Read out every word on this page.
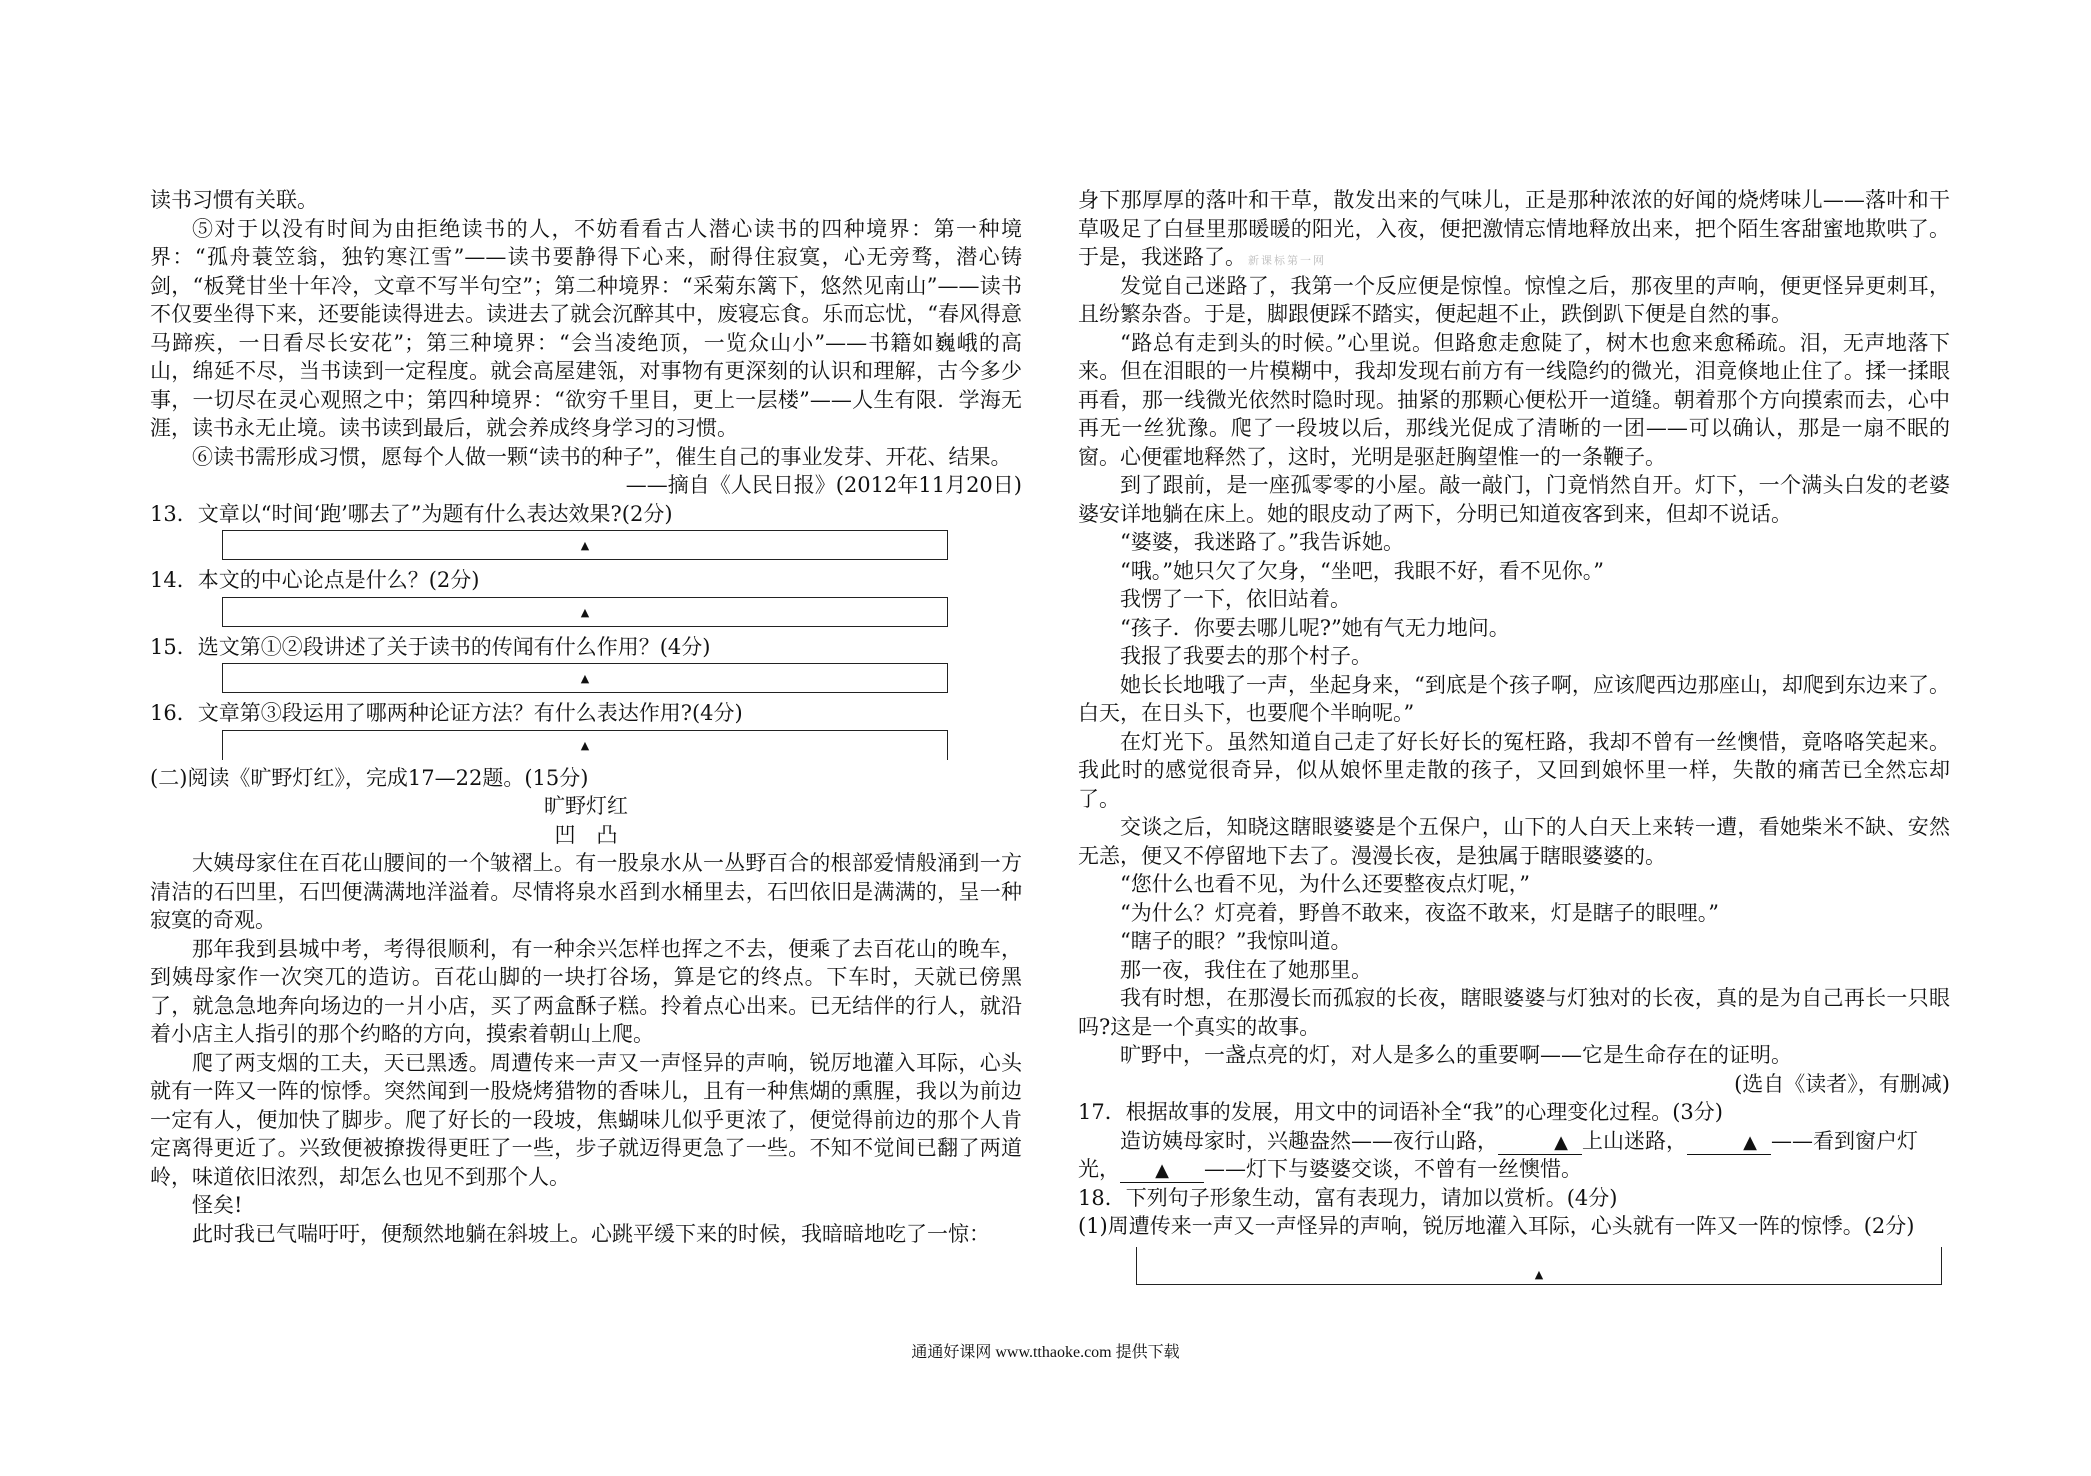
读书习惯有关联。

⑤对于以没有时间为由拒绝读书的人，不妨看看古人潜心读书的四种境界：第一种境界：“孤舟蓑笠翁，独钓寒江雪”——读书要静得下心来，耐得住寂寞，心无旁骛，潜心铸剑，“板凳甘坐十年冷，文章不写半句空”；第二种境界：“采菊东篱下，悠然见南山”——读书不仅要坐得下来，还要能读得进去。读进去了就会沉醉其中，废寝忘食。乐而忘忧，“春风得意马蹄疾，一日看尽长安花”；第三种境界：“会当凌绝顶，一览众山小”——书籍如巍峨的高山，绵延不尽，当书读到一定程度。就会高屋建瓴，对事物有更深刻的认识和理解，古今多少事，一切尽在灵心观照之中；第四种境界：“欲穷千里目，更上一层楼”——人生有限．学海无涯，读书永无止境。读书读到最后，就会养成终身学习的习惯。

⑥读书需形成习惯，愿每个人做一颗“读书的种子”，催生自己的事业发芽、开花、结果。

——摘自《人民日报》(2012年11月20日)

13．文章以“时间‘跑’哪去了”为题有什么表达效果?(2分)

▲

14．本文的中心论点是什么？(2分)

▲

15．选文第①②段讲述了关于读书的传闻有什么作用？(4分)

▲

16．文章第③段运用了哪两种论证方法？有什么表达作用?(4分)

▲

(二)阅读《旷野灯红》，完成17—22题。(15分)

旷野灯红

凹　凸

大姨母家住在百花山腰间的一个皱褶上。有一股泉水从一丛野百合的根部爱情般涌到一方清洁的石凹里，石凹便满满地洋溢着。尽情将泉水舀到水桶里去，石凹依旧是满满的，呈一种寂寞的奇观。

那年我到县城中考，考得很顺利，有一种余兴怎样也挥之不去，便乘了去百花山的晚车，到姨母家作一次突兀的造访。百花山脚的一块打谷场，算是它的终点。下车时，天就已傍黑了，就急急地奔向场边的一爿小店，买了两盒酥子糕。拎着点心出来。已无结伴的行人，就沿着小店主人指引的那个约略的方向，摸索着朝山上爬。

爬了两支烟的工夫，天已黑透。周遭传来一声又一声怪异的声响，锐厉地灌入耳际，心头就有一阵又一阵的惊悸。突然闻到一股烧烤猎物的香味儿，且有一种焦煳的熏腥，我以为前边一定有人，便加快了脚步。爬了好长的一段坡，焦蝴味儿似乎更浓了，便觉得前边的那个人肯定离得更近了。兴致便被撩拨得更旺了一些，步子就迈得更急了一些。不知不觉间已翻了两道岭，味道依旧浓烈，却怎么也见不到那个人。

怪矣!

此时我已气喘吁吁，便颓然地躺在斜坡上。心跳平缓下来的时候，我暗暗地吃了一惊：

新课标第一网

身下那厚厚的落叶和干草，散发出来的气味儿，正是那种浓浓的好闻的烧烤味儿——落叶和干草吸足了白昼里那暖暖的阳光，入夜，便把激情忘情地释放出来，把个陌生客甜蜜地欺哄了。于是，我迷路了。

发觉自己迷路了，我第一个反应便是惊惶。惊惶之后，那夜里的声响，便更怪异更刺耳，且纷繁杂沓。于是，脚跟便踩不踏实，便起趄不止，跌倒趴下便是自然的事。

“路总有走到头的时候。”心里说。但路愈走愈陡了，树木也愈来愈稀疏。泪，无声地落下来。但在泪眼的一片模糊中，我却发现右前方有一线隐约的微光，泪竟倏地止住了。揉一揉眼再看，那一线微光依然时隐时现。抽紧的那颗心便松开一道缝。朝着那个方向摸索而去，心中再无一丝犹豫。爬了一段坡以后，那线光促成了清晰的一团——可以确认，那是一扇不眠的窗。心便霍地释然了，这时，光明是驱赶胸望惟一的一条鞭子。

到了跟前，是一座孤零零的小屋。敲一敲门，门竟悄然自开。灯下，一个满头白发的老婆婆安详地躺在床上。她的眼皮动了两下，分明已知道夜客到来，但却不说话。

“婆婆，我迷路了。”我告诉她。

“哦。”她只欠了欠身，“坐吧，我眼不好，看不见你。”

我愣了一下，依旧站着。

“孩子．你要去哪儿呢?”她有气无力地问。

我报了我要去的那个村子。

她长长地哦了一声，坐起身来，“到底是个孩子啊，应该爬西边那座山，却爬到东边来了。白天，在日头下，也要爬个半晌呢。”

在灯光下。虽然知道自己走了好长好长的冤枉路，我却不曾有一丝懊惜，竟咯咯笑起来。我此时的感觉很奇异，似从娘怀里走散的孩子，又回到娘怀里一样，失散的痛苦已全然忘却了。

交谈之后，知晓这瞎眼婆婆是个五保户，山下的人白天上来转一遭，看她柴米不缺、安然无恙，便又不停留地下去了。漫漫长夜，是独属于瞎眼婆婆的。

“您什么也看不见，为什么还要整夜点灯呢，”

“为什么？灯亮着，野兽不敢来，夜盗不敢来，灯是瞎子的眼哩。”

“瞎子的眼？”我惊叫道。

那一夜，我住在了她那里。

我有时想，在那漫长而孤寂的长夜，瞎眼婆婆与灯独对的长夜，真的是为自己再长一只眼吗?这是一个真实的故事。

旷野中，一盏点亮的灯，对人是多么的重要啊——它是生命存在的证明。

(选自《读者》，有删减)

17．根据故事的发展，用文中的词语补全“我”的心理变化过程。(3分)

造访姨母家时，兴趣盎然——夜行山路，	▲ 上山迷路，	▲ ——看到窗户灯

光， ▲ ——灯下与婆婆交谈，不曾有一丝懊惜。

18．下列句子形象生动，富有表现力，请加以赏析。(4分)

(1)周遭传来一声又一声怪异的声响，锐厉地灌入耳际，心头就有一阵又一阵的惊悸。(2分)

▲
通通好课网 www.tthaoke.com 提供下载
